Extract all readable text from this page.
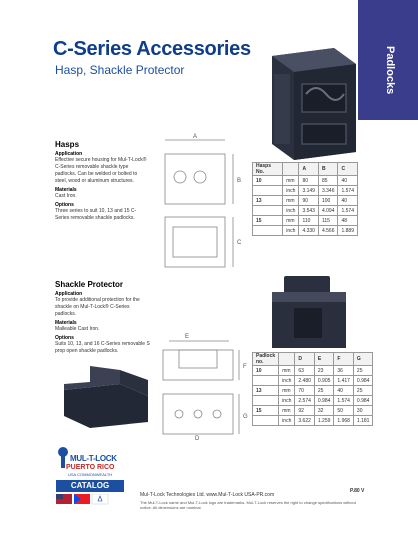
C-Series Accessories
Hasp, Shackle Protector	Padlocks
Hasps
Application
Effective secure housing for Mul-T-Lock® C-Series removable shackle type padlocks. Can be welded or bolted to steel, wood or aluminum structures.
Materials
Cast Iron.
Options
Three series to suit 10, 13 and 15 C-Series removable shackle padlocks.
A
B
C
Hasps No.		A	B	C
10	mm	80	85	40
	inch	3.149	3.346	1.574
13	mm	90	100	40
	inch	3.543	4.094	1.574
15	mm	110	115	48
	inch	4.330	4.566	1.889
Shackle Protector
Application
To provide additional protection for the shackle on Mul-T-Lock® C-Series padlocks.
Materials
Malleable Cast Iron.
Options
Suits 10, 13, and 16 C-Series removable S prop open shackle padlocks.
E
F
G
D
Padlock no.		D	E	F	G
10	mm	63	23	36	25
	inch	2.480	0.905	1.417	0.984
13	mm	70	25	40	25
	inch	2.574	0.984	1.574	0.984
15	mm	92	32	50	30
	inch	3.622	1.259	1.968	1.181
MUL-T-LOCK
PUERTO RICO
USA COMMONWEALTH
CATALOG
P.80 V
Mul-T-Lock Technologies Ltd. www.Mul-T-Lock USA-PR.com
The Mul-T-Lock name and Mul-T-Lock logo are trademarks. Mul-T-Lock reserves the right to change specifications without notice. All dimensions are nominal.
